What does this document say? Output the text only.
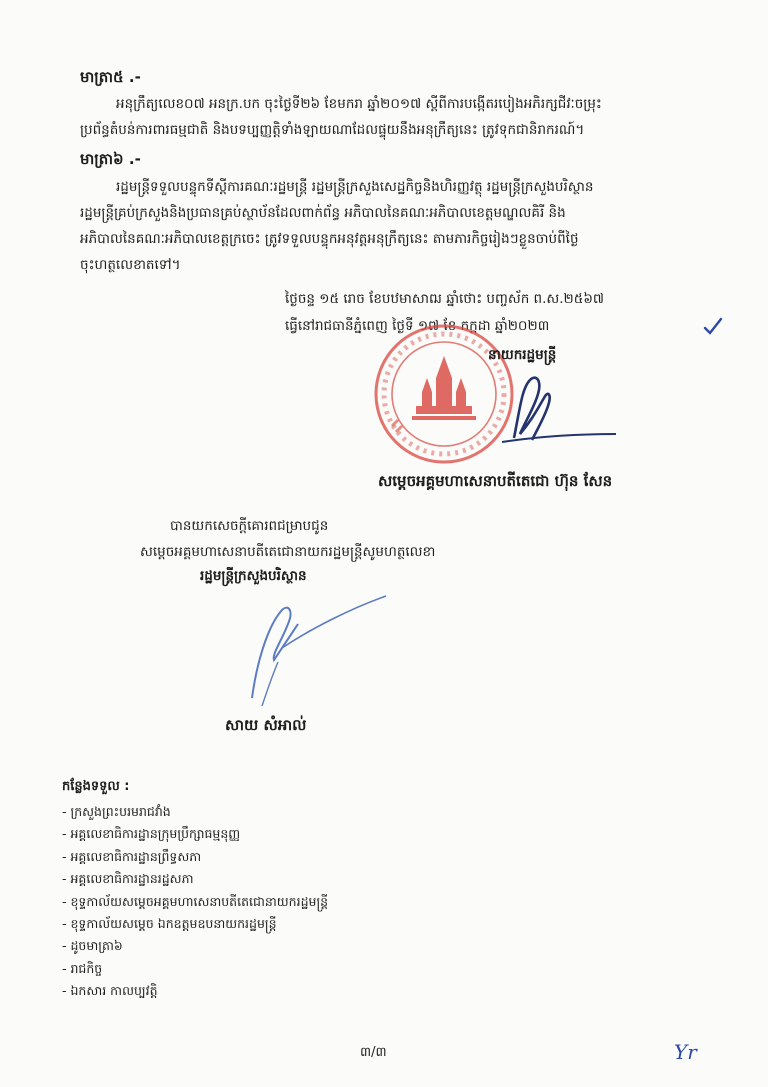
មាត្រា៥ .-

អនុក្រឹត្យលេខ០៧ អនក្រ.បក ចុះថ្ងៃទី២៦ ខែមករា ឆ្នាំ២០១៧ ស្តីពីការបង្កើតរបៀងអភិរក្សជីវៈចម្រុះ

ប្រព័ន្ធតំបន់ការពារធម្មជាតិ និងបទប្បញ្ញត្តិទាំងឡាយណាដែលផ្ទុយនឹងអនុក្រឹត្យនេះ ត្រូវទុកជានិរាករណ៍។

មាត្រា៦ .-

រដ្ឋមន្ត្រីទទួលបន្ទុកទីស្តីការគណៈរដ្ឋមន្ត្រី រដ្ឋមន្ត្រីក្រសួងសេដ្ឋកិច្ចនិងហិរញ្ញវត្ថុ រដ្ឋមន្ត្រីក្រសួងបរិស្ថាន

រដ្ឋមន្ត្រីគ្រប់ក្រសួងនិងប្រធានគ្រប់ស្ថាប័នដែលពាក់ព័ន្ធ អភិបាលនៃគណៈអភិបាលខេត្តមណ្ឌលគិរី និង

អភិបាលនៃគណៈអភិបាលខេត្តក្រចេះ ត្រូវទទួលបន្ទុកអនុវត្តអនុក្រឹត្យនេះ តាមភារកិច្ចរៀងៗខ្លួនចាប់ពីថ្ងៃ

ចុះហត្ថលេខាតទៅ។

ថ្ងៃចន្ទ ១៥ រោច ខែបឋមាសាឍ ឆ្នាំថោះ បញ្ចស័ក ព.ស.២៥៦៧
ធ្វើនៅរាជធានីភ្នំពេញ ថ្ងៃទី ១៧ ខែ កក្កដា ឆ្នាំ២០២៣
នាយករដ្ឋមន្ត្រី
សម្តេចអគ្គមហាសេនាបតីតេជោ ហ៊ុន សែន
បានយកសេចក្តីគោរពជម្រាបជូន
សម្តេចអគ្គមហាសេនាបតីតេជោនាយករដ្ឋមន្ត្រីសូមហត្ថលេខា
រដ្ឋមន្ត្រីក្រសួងបរិស្ថាន
សាយ សំអាល់
កន្លែងទទួល :
- ក្រសួងព្រះបរមរាជវាំង
- អគ្គលេខាធិការដ្ឋានក្រុមប្រឹក្សាធម្មនុញ្ញ
- អគ្គលេខាធិការដ្ឋានព្រឹទ្ធសភា
- អគ្គលេខាធិការដ្ឋានរដ្ឋសភា
- ខុទ្ទកាល័យសម្តេចអគ្គមហាសេនាបតីតេជោនាយករដ្ឋមន្ត្រី
- ខុទ្ទកាល័យសម្តេច ឯកឧត្តមឧបនាយករដ្ឋមន្ត្រី
- ដូចមាត្រា៦
- រាជកិច្ច
- ឯកសារ កាលប្បវត្តិ
៣/៣	Yr
